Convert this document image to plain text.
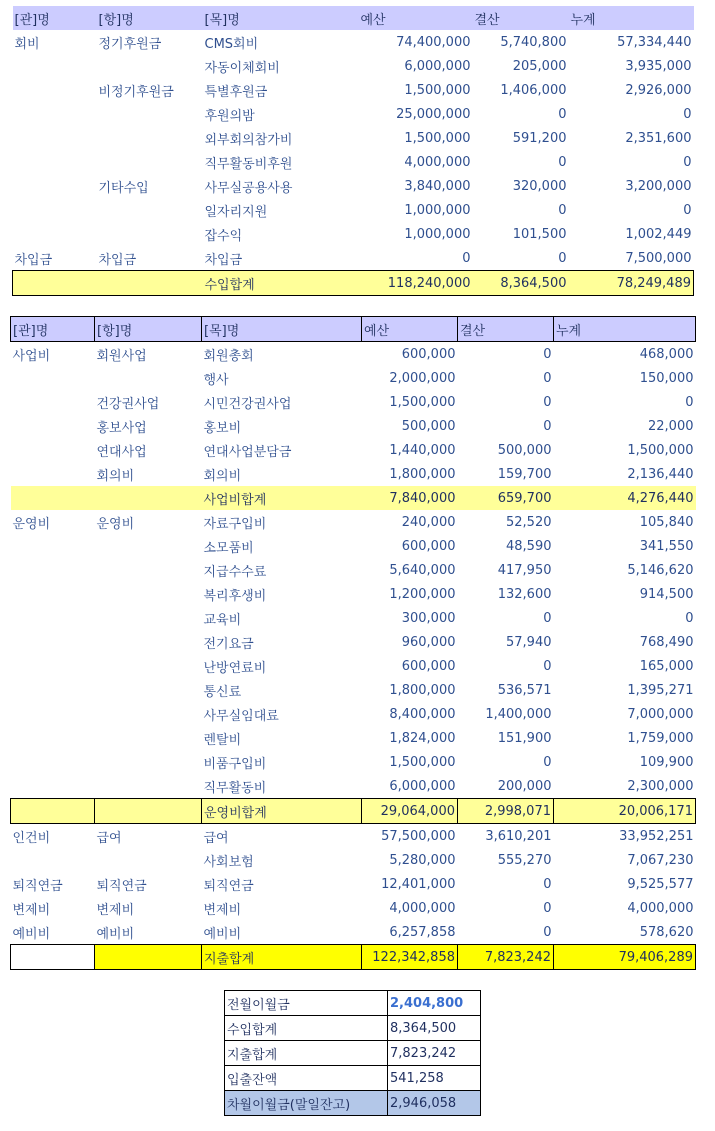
[관]명	[항]명	[목]명	예산	결산	누계
회비	정기후원금	CMS회비	74,400,000	5,740,800	57,334,440
		자동이체회비	6,000,000	205,000	3,935,000
	비정기후원금	특별후원금	1,500,000	1,406,000	2,926,000
		후원의밤	25,000,000	0	0
		외부회의참가비	1,500,000	591,200	2,351,600
		직무활동비후원	4,000,000	0	0
	기타수입	사무실공용사용	3,840,000	320,000	3,200,000
		일자리지원	1,000,000	0	0
		잡수익	1,000,000	101,500	1,002,449
차입금	차입금	차입금	0	0	7,500,000
		수입합계	118,240,000	8,364,500	78,249,489
[관]명	[항]명	[목]명	예산	결산	누계
사업비	회원사업	회원총회	600,000	0	468,000
		행사	2,000,000	0	150,000
	건강권사업	시민건강권사업	1,500,000	0	0
	홍보사업	홍보비	500,000	0	22,000
	연대사업	연대사업분담금	1,440,000	500,000	1,500,000
	회의비	회의비	1,800,000	159,700	2,136,440
		사업비합계	7,840,000	659,700	4,276,440
운영비	운영비	자료구입비	240,000	52,520	105,840
		소모품비	600,000	48,590	341,550
		지급수수료	5,640,000	417,950	5,146,620
		복리후생비	1,200,000	132,600	914,500
		교육비	300,000	0	0
		전기요금	960,000	57,940	768,490
		난방연료비	600,000	0	165,000
		통신료	1,800,000	536,571	1,395,271
		사무실임대료	8,400,000	1,400,000	7,000,000
		렌탈비	1,824,000	151,900	1,759,000
		비품구입비	1,500,000	0	109,900
		직무활동비	6,000,000	200,000	2,300,000
		운영비합계	29,064,000	2,998,071	20,006,171
인건비	급여	급여	57,500,000	3,610,201	33,952,251
		사회보험	5,280,000	555,270	7,067,230
퇴직연금	퇴직연금	퇴직연금	12,401,000	0	9,525,577
변제비	변제비	변제비	4,000,000	0	4,000,000
예비비	예비비	예비비	6,257,858	0	578,620
		지출합계	122,342,858	7,823,242	79,406,289
전월이월금	2,404,800
수입합계	8,364,500
지출합계	7,823,242
입출잔액	541,258
차월이월금(말일잔고)	2,946,058
